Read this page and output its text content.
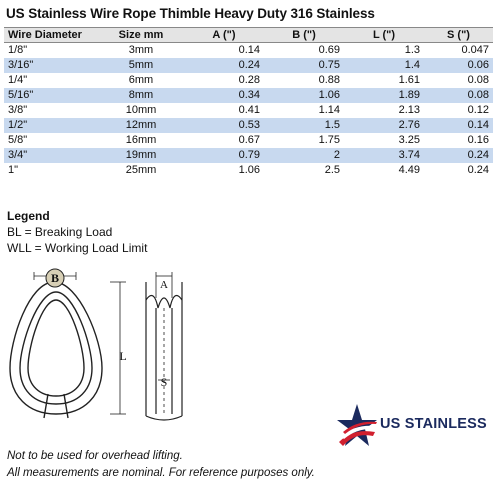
US Stainless Wire Rope Thimble Heavy Duty 316 Stainless
Wire Diameter	Size mm	A (")	B (")	L (")	S (")
1/8"	3mm	0.14	0.69	1.3	0.047
3/16"	5mm	0.24	0.75	1.4	0.06
1/4"	6mm	0.28	0.88	1.61	0.08
5/16"	8mm	0.34	1.06	1.89	0.08
3/8"	10mm	0.41	1.14	2.13	0.12
1/2"	12mm	0.53	1.5	2.76	0.14
5/8"	16mm	0.67	1.75	3.25	0.16
3/4"	19mm	0.79	2	3.74	0.24
1"	25mm	1.06	2.5	4.49	0.24
Legend
BL = Breaking Load
WLL = Working Load Limit
B
L
A
S
US STAINLESS
Not to be used for overhead lifting.
All measurements are nominal. For reference purposes only.
